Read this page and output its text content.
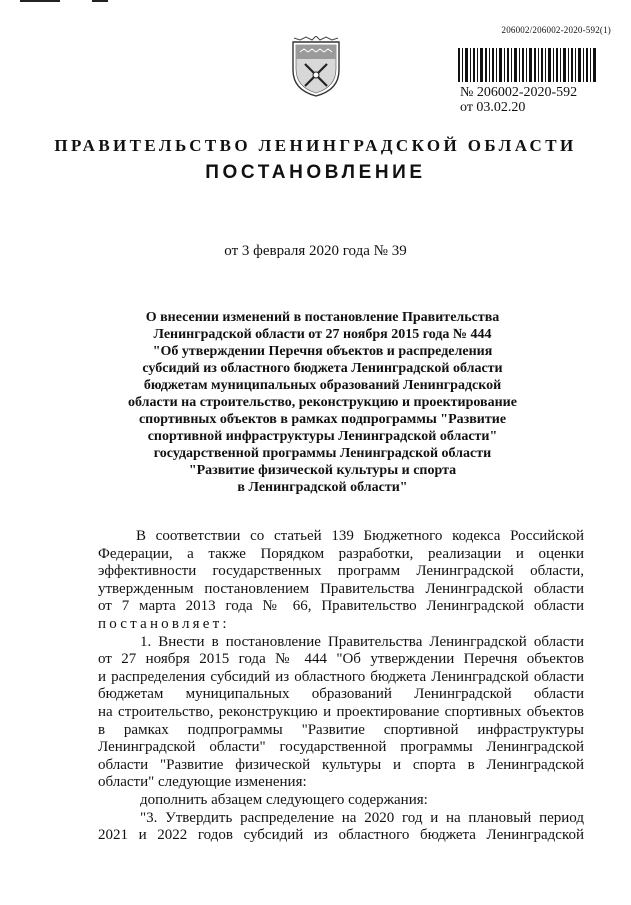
206002/206002-2020-592(1)
№ 206002-2020-592
от 03.02.20
ПРАВИТЕЛЬСТВО ЛЕНИНГРАДСКОЙ ОБЛАСТИ
ПОСТАНОВЛЕНИЕ
от 3 февраля 2020 года № 39
О внесении изменений в постановление Правительства
Ленинградской области от 27 ноября 2015 года № 444
"Об утверждении Перечня объектов и распределения
субсидий из областного бюджета Ленинградской области
бюджетам муниципальных образований Ленинградской
области на строительство, реконструкцию и проектирование
спортивных объектов в рамках подпрограммы "Развитие
спортивной инфраструктуры Ленинградской области"
государственной программы Ленинградской области
"Развитие физической культуры и спорта
в Ленинградской области"
В соответствии со статьей 139 Бюджетного кодекса Российской
Федерации, а также Порядком разработки, реализации и оценки
эффективности государственных программ Ленинградской области,
утвержденным постановлением Правительства Ленинградской области
от 7 марта 2013 года № 66, Правительство Ленинградской области
постановляет:
1. Внести в постановление Правительства Ленинградской области
от 27 ноября 2015 года № 444 "Об утверждении Перечня объектов
и распределения субсидий из областного бюджета Ленинградской области
бюджетам муниципальных образований Ленинградской области
на строительство, реконструкцию и проектирование спортивных объектов
в рамках подпрограммы "Развитие спортивной инфраструктуры
Ленинградской области" государственной программы Ленинградской
области "Развитие физической культуры и спорта в Ленинградской
области" следующие изменения:
дополнить абзацем следующего содержания:
"3. Утвердить распределение на 2020 год и на плановый период
2021 и 2022 годов субсидий из областного бюджета Ленинградской
